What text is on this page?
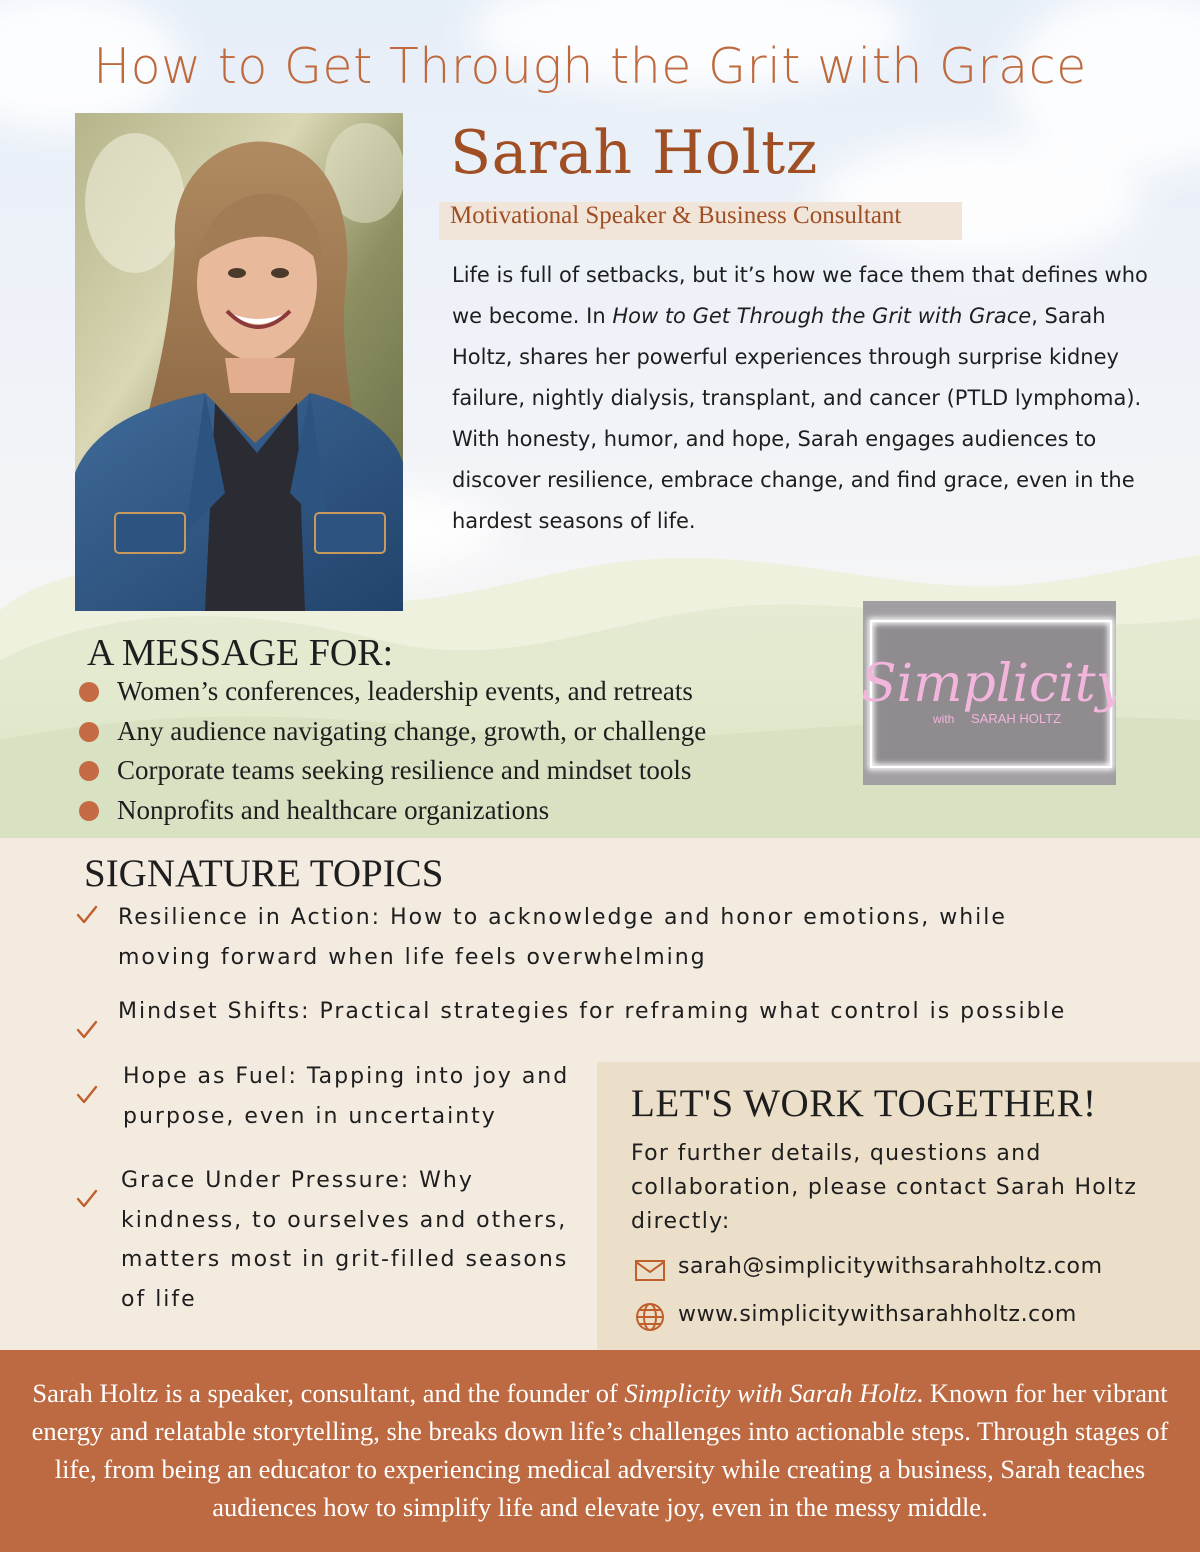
How to Get Through the Grit with Grace
Sarah Holtz
Motivational Speaker & Business Consultant

Life is full of setbacks, but it’s how we face them that defines who we become. In How to Get Through the Grit with Grace, Sarah Holtz, shares her powerful experiences through surprise kidney failure, nightly dialysis, transplant, and cancer (PTLD lymphoma). With honesty, humor, and hope, Sarah engages audiences to discover resilience, embrace change, and find grace, even in the hardest seasons of life.

Simplicity
with SARAH HOLTZ
A MESSAGE FOR:
Women’s conferences, leadership events, and retreats
Any audience navigating change, growth, or challenge
Corporate teams seeking resilience and mindset tools
Nonprofits and healthcare organizations
SIGNATURE TOPICS

Resilience in Action: How to acknowledge and honor emotions, while moving forward when life feels overwhelming

Mindset Shifts: Practical strategies for reframing what control is possible

Hope as Fuel: Tapping into joy and purpose, even in uncertainty

Grace Under Pressure: Why kindness, to ourselves and others, matters most in grit-filled seasons of life

LET'S WORK TOGETHER!

For further details, questions and collaboration, please contact Sarah Holtz directly:

sarah@simplicitywithsarahholtz.com
www.simplicitywithsarahholtz.com

Sarah Holtz is a speaker, consultant, and the founder of Simplicity with Sarah Holtz. Known for her vibrant energy and relatable storytelling, she breaks down life’s challenges into actionable steps. Through stages of life, from being an educator to experiencing medical adversity while creating a business, Sarah teaches audiences how to simplify life and elevate joy, even in the messy middle.
